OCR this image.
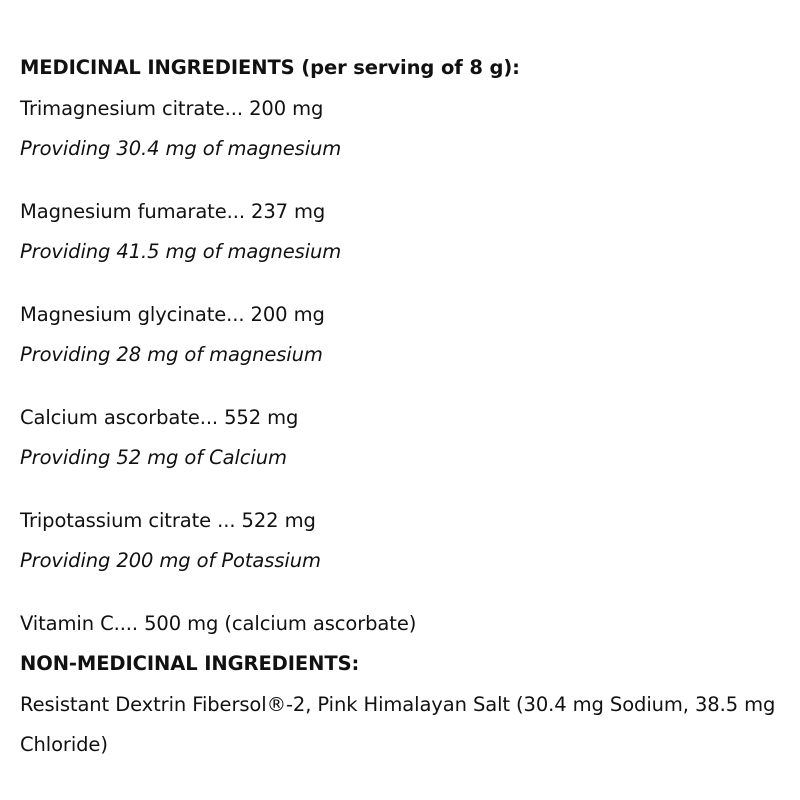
MEDICINAL INGREDIENTS (per serving of 8 g):
Trimagnesium citrate... 200 mg
Providing 30.4 mg of magnesium
Magnesium fumarate... 237 mg
Providing 41.5 mg of magnesium
Magnesium glycinate... 200 mg
Providing 28 mg of magnesium
Calcium ascorbate... 552 mg
Providing 52 mg of Calcium
Tripotassium citrate ... 522 mg
Providing 200 mg of Potassium
Vitamin C.... 500 mg (calcium ascorbate)
NON-MEDICINAL INGREDIENTS:
Resistant Dextrin Fibersol®-2, Pink Himalayan Salt (30.4 mg Sodium, 38.5 mg Chloride)
